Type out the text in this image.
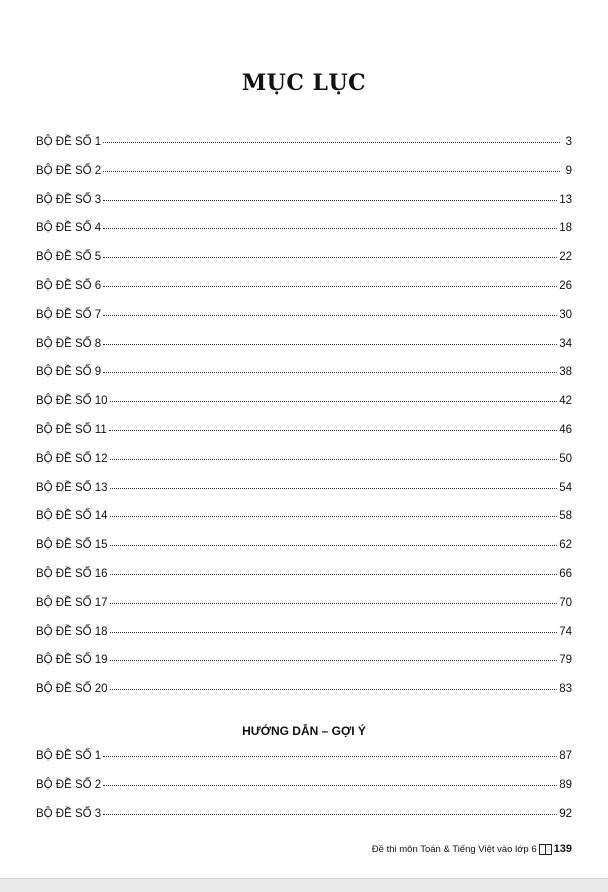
MỤC LỤC
BỘ ĐỀ SỐ 1	3
BỘ ĐỀ SỐ 2	9
BỘ ĐỀ SỐ 3	13
BỘ ĐỀ SỐ 4	18
BỘ ĐỀ SỐ 5	22
BỘ ĐỀ SỐ 6	26
BỘ ĐỀ SỐ 7	30
BỘ ĐỀ SỐ 8	34
BỘ ĐỀ SỐ 9	38
BỘ ĐỀ SỐ 10	42
BỘ ĐỀ SỐ 11	46
BỘ ĐỀ SỐ 12	50
BỘ ĐỀ SỐ 13	54
BỘ ĐỀ SỐ 14	58
BỘ ĐỀ SỐ 15	62
BỘ ĐỀ SỐ 16	66
BỘ ĐỀ SỐ 17	70
BỘ ĐỀ SỐ 18	74
BỘ ĐỀ SỐ 19	79
BỘ ĐỀ SỐ 20	83
HƯỚNG DẪN – GỢI Ý
BỘ ĐỀ SỐ 1	87
BỘ ĐỀ SỐ 2	89
BỘ ĐỀ SỐ 3	92
Đề thi môn Toán & Tiếng Việt vào lớp 6 139
